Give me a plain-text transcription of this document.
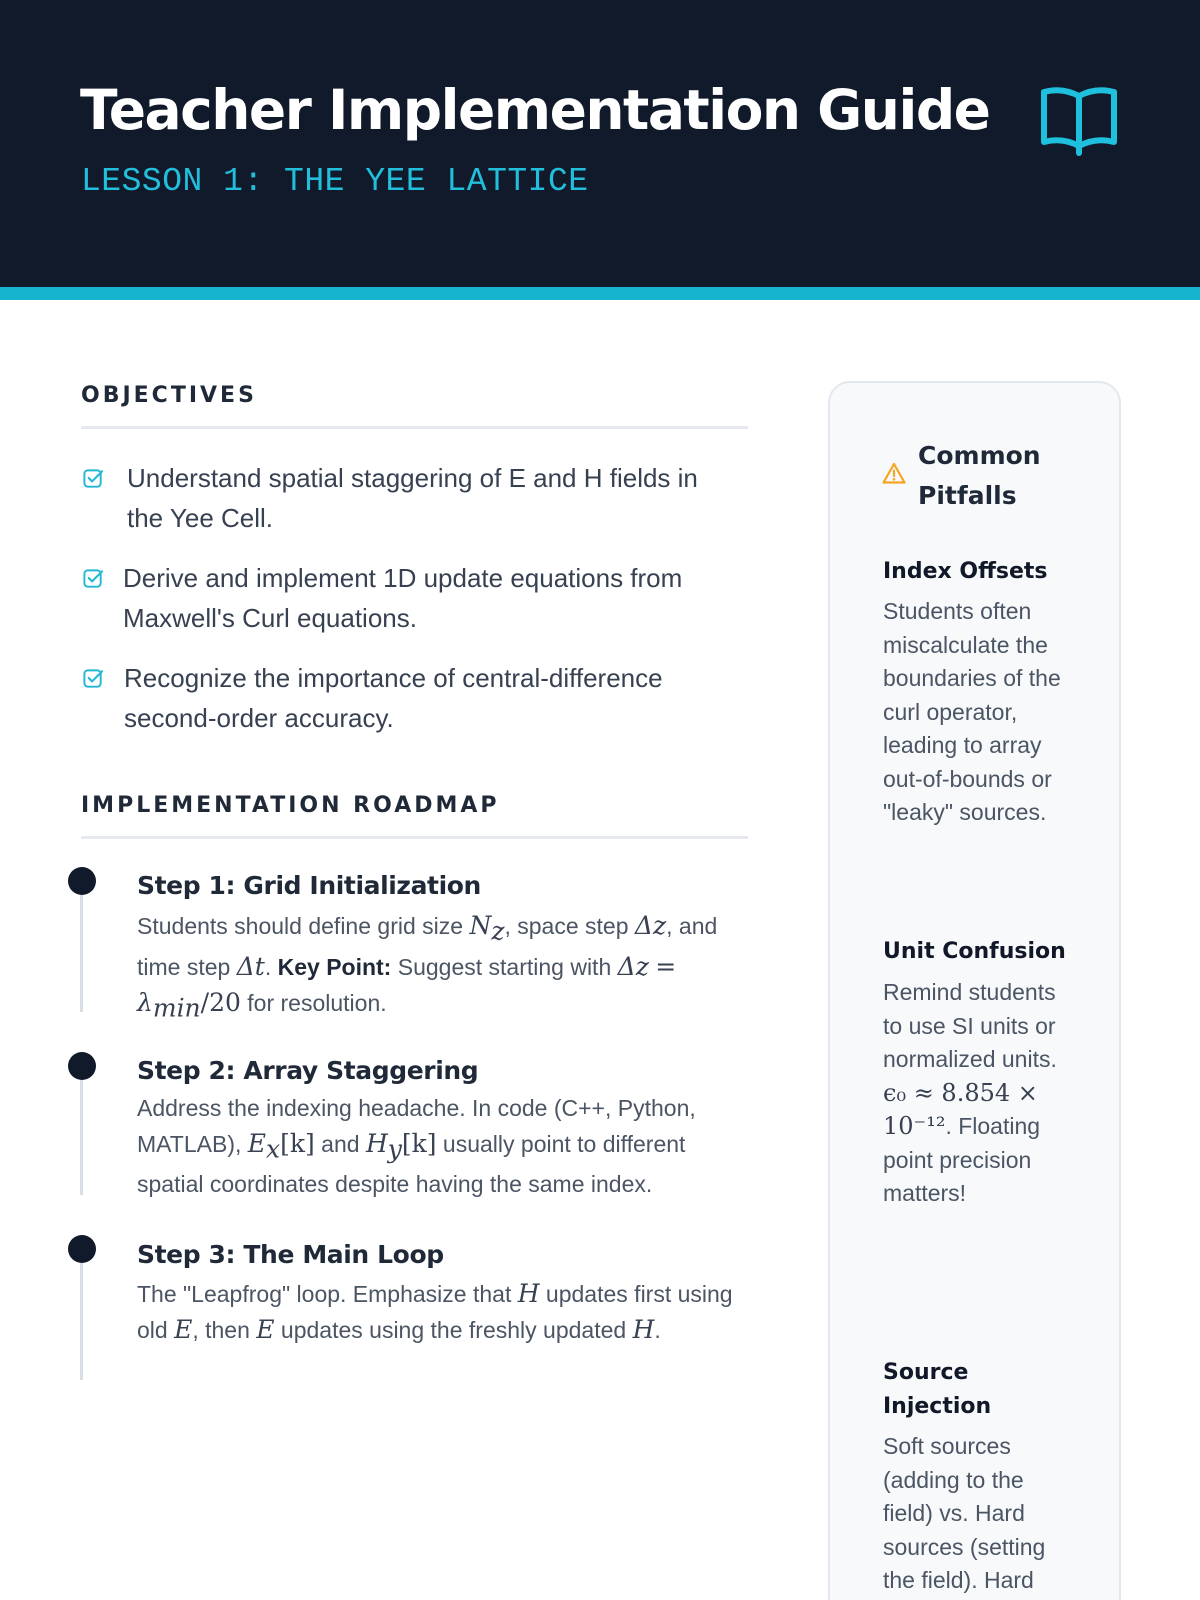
Teacher Implementation Guide
LESSON 1: THE YEE LATTICE
OBJECTIVES
Understand spatial staggering of E and H fields in the Yee Cell.
Derive and implement 1D update equations from Maxwell's Curl equations.
Recognize the importance of central-difference second-order accuracy.
IMPLEMENTATION ROADMAP
Step 1: Grid Initialization

Students should define grid size $N_z$, space step Δz, and time step Δt. Key Point: Suggest starting with $\Delta z = \lambda_{min}/20$ for resolution.

Step 2: Array Staggering

Address the indexing headache. In code (C++, Python, MATLAB), $E_x[k]$ and $H_y[k]$ usually point to different spatial coordinates despite having the same index.

Step 3: The Main Loop

The "Leapfrog" loop. Emphasize that H updates first using old E, then E updates using the freshly updated H.

Common Pitfalls
Index Offsets

Students often miscalculate the boundaries of the curl operator, leading to array out-of-bounds or "leaky" sources.

Unit Confusion

Remind students to use SI units or normalized units. ϵ₀ ≈ 8.854 × 10⁻¹². Floating point precision matters!

Source Injection

Soft sources (adding to the field) vs. Hard sources (setting the field). Hard
